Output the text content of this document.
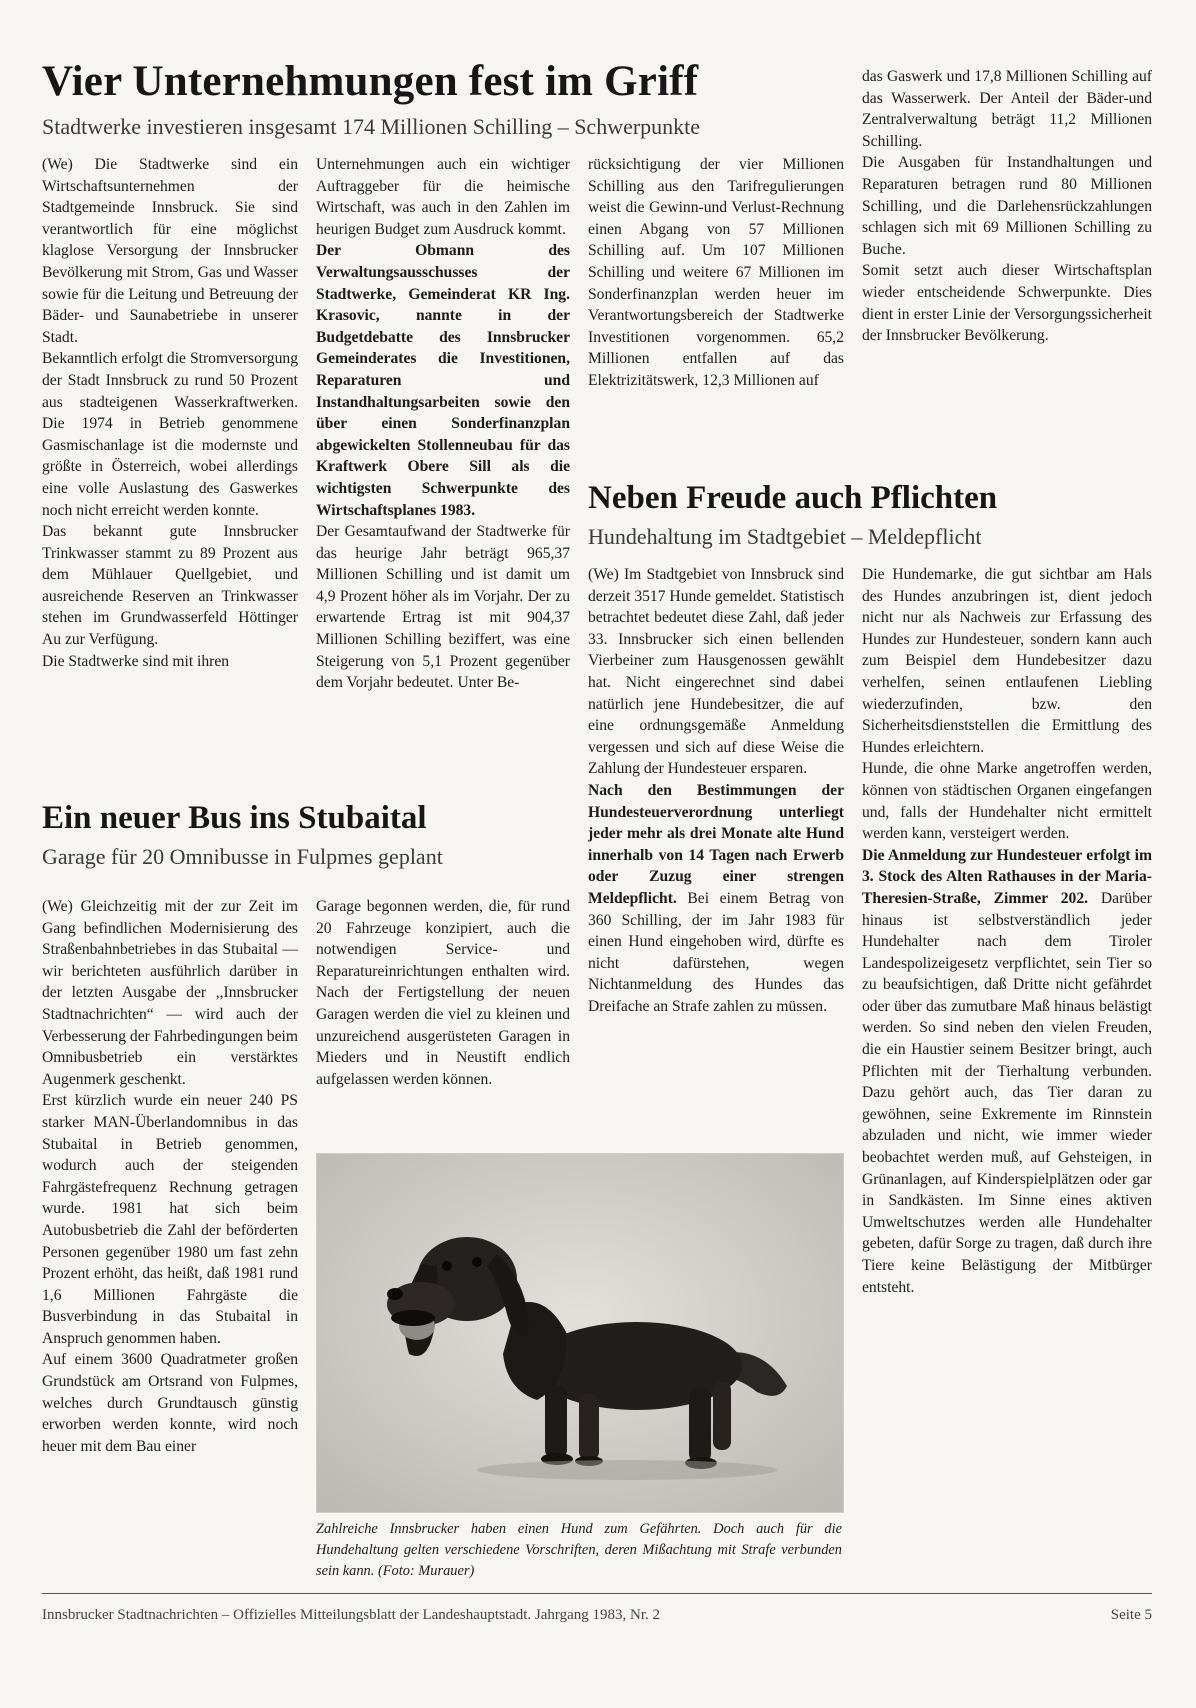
Vier Unternehmungen fest im Griff
Stadtwerke investieren insgesamt 174 Millionen Schilling – Schwerpunkte

(We) Die Stadtwerke sind ein Wirtschaftsunternehmen der Stadtgemeinde Innsbruck. Sie sind verantwortlich für eine möglichst klaglose Versorgung der Innsbrucker Bevölkerung mit Strom, Gas und Wasser sowie für die Leitung und Betreuung der Bäder- und Saunabetriebe in unserer Stadt.

Bekanntlich erfolgt die Stromversorgung der Stadt Innsbruck zu rund 50 Prozent aus stadteigenen Wasserkraftwerken. Die 1974 in Betrieb genommene Gasmischanlage ist die modernste und größte in Österreich, wobei allerdings eine volle Auslastung des Gaswerkes noch nicht erreicht werden konnte.

Das bekannt gute Innsbrucker Trinkwasser stammt zu 89 Prozent aus dem Mühlauer Quellgebiet, und ausreichende Reserven an Trinkwasser stehen im Grundwasserfeld Höttinger Au zur Verfügung.

Die Stadtwerke sind mit ihren

Unternehmungen auch ein wichtiger Auftraggeber für die heimische Wirtschaft, was auch in den Zahlen im heurigen Budget zum Ausdruck kommt.

Der Obmann des Verwaltungsausschusses der Stadtwerke, Gemeinderat KR Ing. Krasovic, nannte in der Budgetdebatte des Innsbrucker Gemeinderates die Investitionen, Reparaturen und Instandhaltungsarbeiten sowie den über einen Sonderfinanzplan abgewickelten Stollenneubau für das Kraftwerk Obere Sill als die wichtigsten Schwerpunkte des Wirtschaftsplanes 1983.

Der Gesamtaufwand der Stadtwerke für das heurige Jahr beträgt 965,37 Millionen Schilling und ist damit um 4,9 Prozent höher als im Vorjahr. Der zu erwartende Ertrag ist mit 904,37 Millionen Schilling beziffert, was eine Steigerung von 5,1 Prozent gegenüber dem Vorjahr bedeutet. Unter Be-

rücksichtigung der vier Millionen Schilling aus den Tarifregulierungen weist die Gewinn-und Verlust-Rechnung einen Abgang von 57 Millionen Schilling auf. Um 107 Millionen Schilling und weitere 67 Millionen im Sonderfinanzplan werden heuer im Verantwortungsbereich der Stadtwerke Investitionen vorgenommen. 65,2 Millionen entfallen auf das Elektrizitätswerk, 12,3 Millionen auf

das Gaswerk und 17,8 Millionen Schilling auf das Wasserwerk. Der Anteil der Bäder-und Zentralverwaltung beträgt 11,2 Millionen Schilling.

Die Ausgaben für Instandhaltungen und Reparaturen betragen rund 80 Millionen Schilling, und die Darlehensrückzahlungen schlagen sich mit 69 Millionen Schilling zu Buche.

Somit setzt auch dieser Wirtschaftsplan wieder entscheidende Schwerpunkte. Dies dient in erster Linie der Versorgungssicherheit der Innsbrucker Bevölkerung.

Neben Freude auch Pflichten
Hundehaltung im Stadtgebiet – Meldepflicht

(We) Im Stadtgebiet von Innsbruck sind derzeit 3517 Hunde gemeldet. Statistisch betrachtet bedeutet diese Zahl, daß jeder 33. Innsbrucker sich einen bellenden Vierbeiner zum Hausgenossen gewählt hat. Nicht eingerechnet sind dabei natürlich jene Hundebesitzer, die auf eine ordnungsgemäße Anmeldung vergessen und sich auf diese Weise die Zahlung der Hundesteuer ersparen.

Nach den Bestimmungen der Hundesteuerverordnung unterliegt jeder mehr als drei Monate alte Hund innerhalb von 14 Tagen nach Erwerb oder Zuzug einer strengen Meldepflicht. Bei einem Betrag von 360 Schilling, der im Jahr 1983 für einen Hund eingehoben wird, dürfte es nicht dafürstehen, wegen Nichtanmeldung des Hundes das Dreifache an Strafe zahlen zu müssen.

Die Hundemarke, die gut sichtbar am Hals des Hundes anzubringen ist, dient jedoch nicht nur als Nachweis zur Erfassung des Hundes zur Hundesteuer, sondern kann auch zum Beispiel dem Hundebesitzer dazu verhelfen, seinen entlaufenen Liebling wiederzufinden, bzw. den Sicherheitsdienststellen die Ermittlung des Hundes erleichtern.

Hunde, die ohne Marke angetroffen werden, können von städtischen Organen eingefangen und, falls der Hundehalter nicht ermittelt werden kann, versteigert werden.

Die Anmeldung zur Hundesteuer erfolgt im 3. Stock des Alten Rathauses in der Maria-Theresien-Straße, Zimmer 202. Darüber hinaus ist selbstverständlich jeder Hundehalter nach dem Tiroler Landespolizeigesetz verpflichtet, sein Tier so zu beaufsichtigen, daß Dritte nicht gefährdet oder über das zumutbare Maß hinaus belästigt werden. So sind neben den vielen Freuden, die ein Haustier seinem Besitzer bringt, auch Pflichten mit der Tierhaltung verbunden. Dazu gehört auch, das Tier daran zu gewöhnen, seine Exkremente im Rinnstein abzuladen und nicht, wie immer wieder beobachtet werden muß, auf Gehsteigen, in Grünanlagen, auf Kinderspielplätzen oder gar in Sandkästen. Im Sinne eines aktiven Umweltschutzes werden alle Hundehalter gebeten, dafür Sorge zu tragen, daß durch ihre Tiere keine Belästigung der Mitbürger entsteht.

Ein neuer Bus ins Stubaital
Garage für 20 Omnibusse in Fulpmes geplant

(We) Gleichzeitig mit der zur Zeit im Gang befindlichen Modernisierung des Straßenbahnbetriebes in das Stubaital — wir berichteten ausführlich darüber in der letzten Ausgabe der ,,Innsbrucker Stadtnachrichten“ — wird auch der Verbesserung der Fahrbedingungen beim Omnibusbetrieb ein verstärktes Augenmerk geschenkt.

Erst kürzlich wurde ein neuer 240 PS starker MAN-Überlandomnibus in das Stubaital in Betrieb genommen, wodurch auch der steigenden Fahrgästefrequenz Rechnung getragen wurde. 1981 hat sich beim Autobusbetrieb die Zahl der beförderten Personen gegenüber 1980 um fast zehn Prozent erhöht, das heißt, daß 1981 rund 1,6 Millionen Fahrgäste die Busverbindung in das Stubaital in Anspruch genommen haben.

Auf einem 3600 Quadratmeter großen Grundstück am Ortsrand von Fulpmes, welches durch Grundtausch günstig erworben werden konnte, wird noch heuer mit dem Bau einer

Garage begonnen werden, die, für rund 20 Fahrzeuge konzipiert, auch die notwendigen Service- und Reparatureinrichtungen enthalten wird. Nach der Fertigstellung der neuen Garagen werden die viel zu kleinen und unzureichend ausgerüsteten Garagen in Mieders und in Neustift endlich aufgelassen werden können.

Zahlreiche Innsbrucker haben einen Hund zum Gefährten. Doch auch für die Hundehaltung gelten verschiedene Vorschriften, deren Mißachtung mit Strafe verbunden sein kann. (Foto: Murauer)
Innsbrucker Stadtnachrichten – Offizielles Mitteilungsblatt der Landeshauptstadt. Jahrgang 1983, Nr. 2	Seite 5
